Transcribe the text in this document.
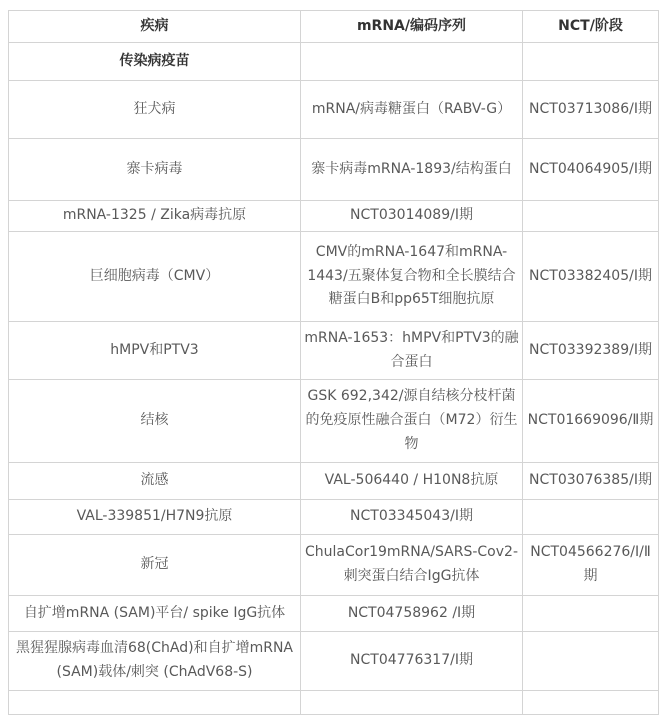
疾病	mRNA/编码序列	NCT/阶段
传染病疫苗		
狂犬病	mRNA/病毒糖蛋白（RABV-G）	NCT03713086/Ⅰ期
寨卡病毒	寨卡病毒mRNA-1893/结构蛋白	NCT04064905/Ⅰ期
mRNA-1325 / Zika病毒抗原	NCT03014089/Ⅰ期	
巨细胞病毒（CMV）	CMV的mRNA-1647和mRNA-1443/五聚体复合物和全长膜结合糖蛋白B和pp65T细胞抗原	NCT03382405/Ⅰ期
hMPV和PTV3	mRNA-1653：hMPV和PTV3的融合蛋白	NCT03392389/Ⅰ期
结核	GSK 692,342/源自结核分枝杆菌的免疫原性融合蛋白（M72）衍生物	NCT01669096/Ⅱ期
流感	VAL-506440 / H10N8抗原	NCT03076385/Ⅰ期
VAL-339851/H7N9抗原	NCT03345043/Ⅰ期	
新冠	ChulaCor19mRNA/SARS-Cov2-刺突蛋白结合IgG抗体	NCT04566276/Ⅰ/Ⅱ期
自扩增mRNA (SAM)平台/ spike IgG抗体	NCT04758962 /Ⅰ期	
黑猩猩腺病毒血清68(ChAd)和自扩增mRNA (SAM)载体/刺突 (ChAdV68-S)	NCT04776317/Ⅰ期	
